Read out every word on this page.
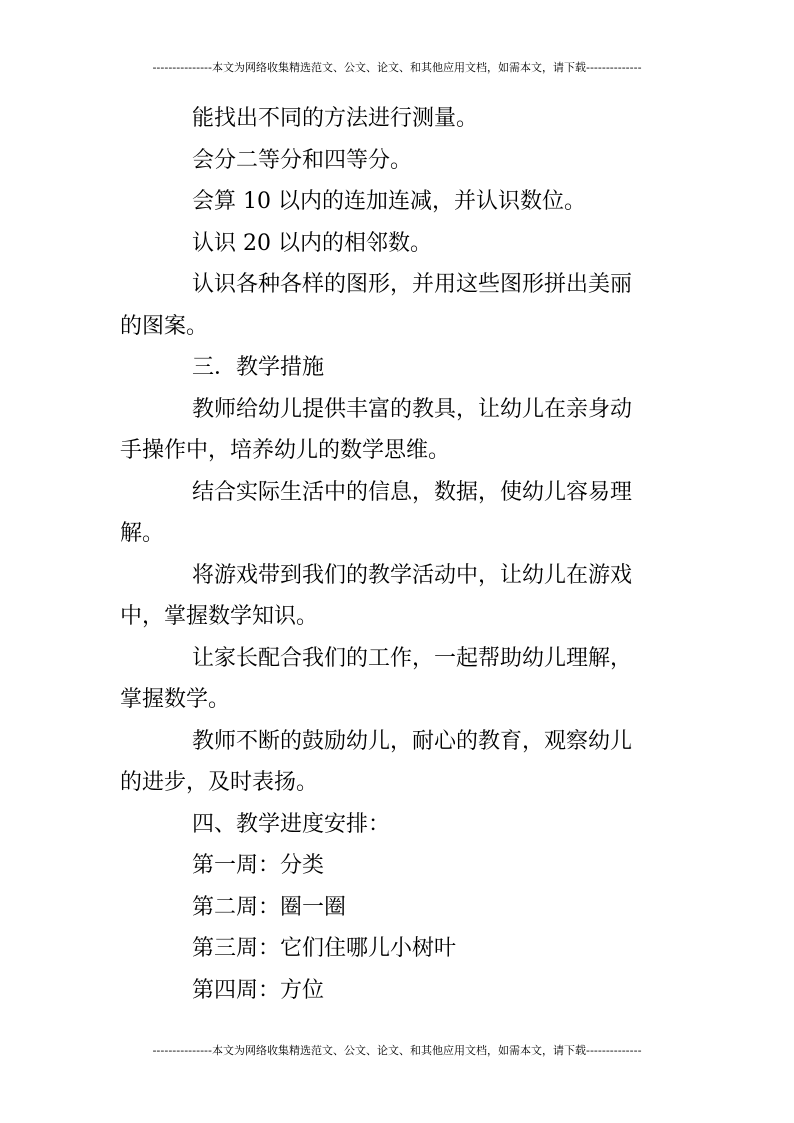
---------------本文为网络收集精选范文、公文、论文、和其他应用文档，如需本文，请下载--------------
能找出不同的方法进行测量。
会分二等分和四等分。
会算 10 以内的连加连减，并认识数位。
认识 20 以内的相邻数。
认识各种各样的图形，并用这些图形拼出美丽
的图案。
三．教学措施
教师给幼儿提供丰富的教具，让幼儿在亲身动
手操作中，培养幼儿的数学思维。
结合实际生活中的信息，数据，使幼儿容易理
解。
将游戏带到我们的教学活动中，让幼儿在游戏
中，掌握数学知识。
让家长配合我们的工作，一起帮助幼儿理解，
掌握数学。
教师不断的鼓励幼儿，耐心的教育，观察幼儿
的进步，及时表扬。
四、教学进度安排：
第一周：分类
第二周：圈一圈
第三周：它们住哪儿小树叶
第四周：方位
---------------本文为网络收集精选范文、公文、论文、和其他应用文档，如需本文，请下载--------------
